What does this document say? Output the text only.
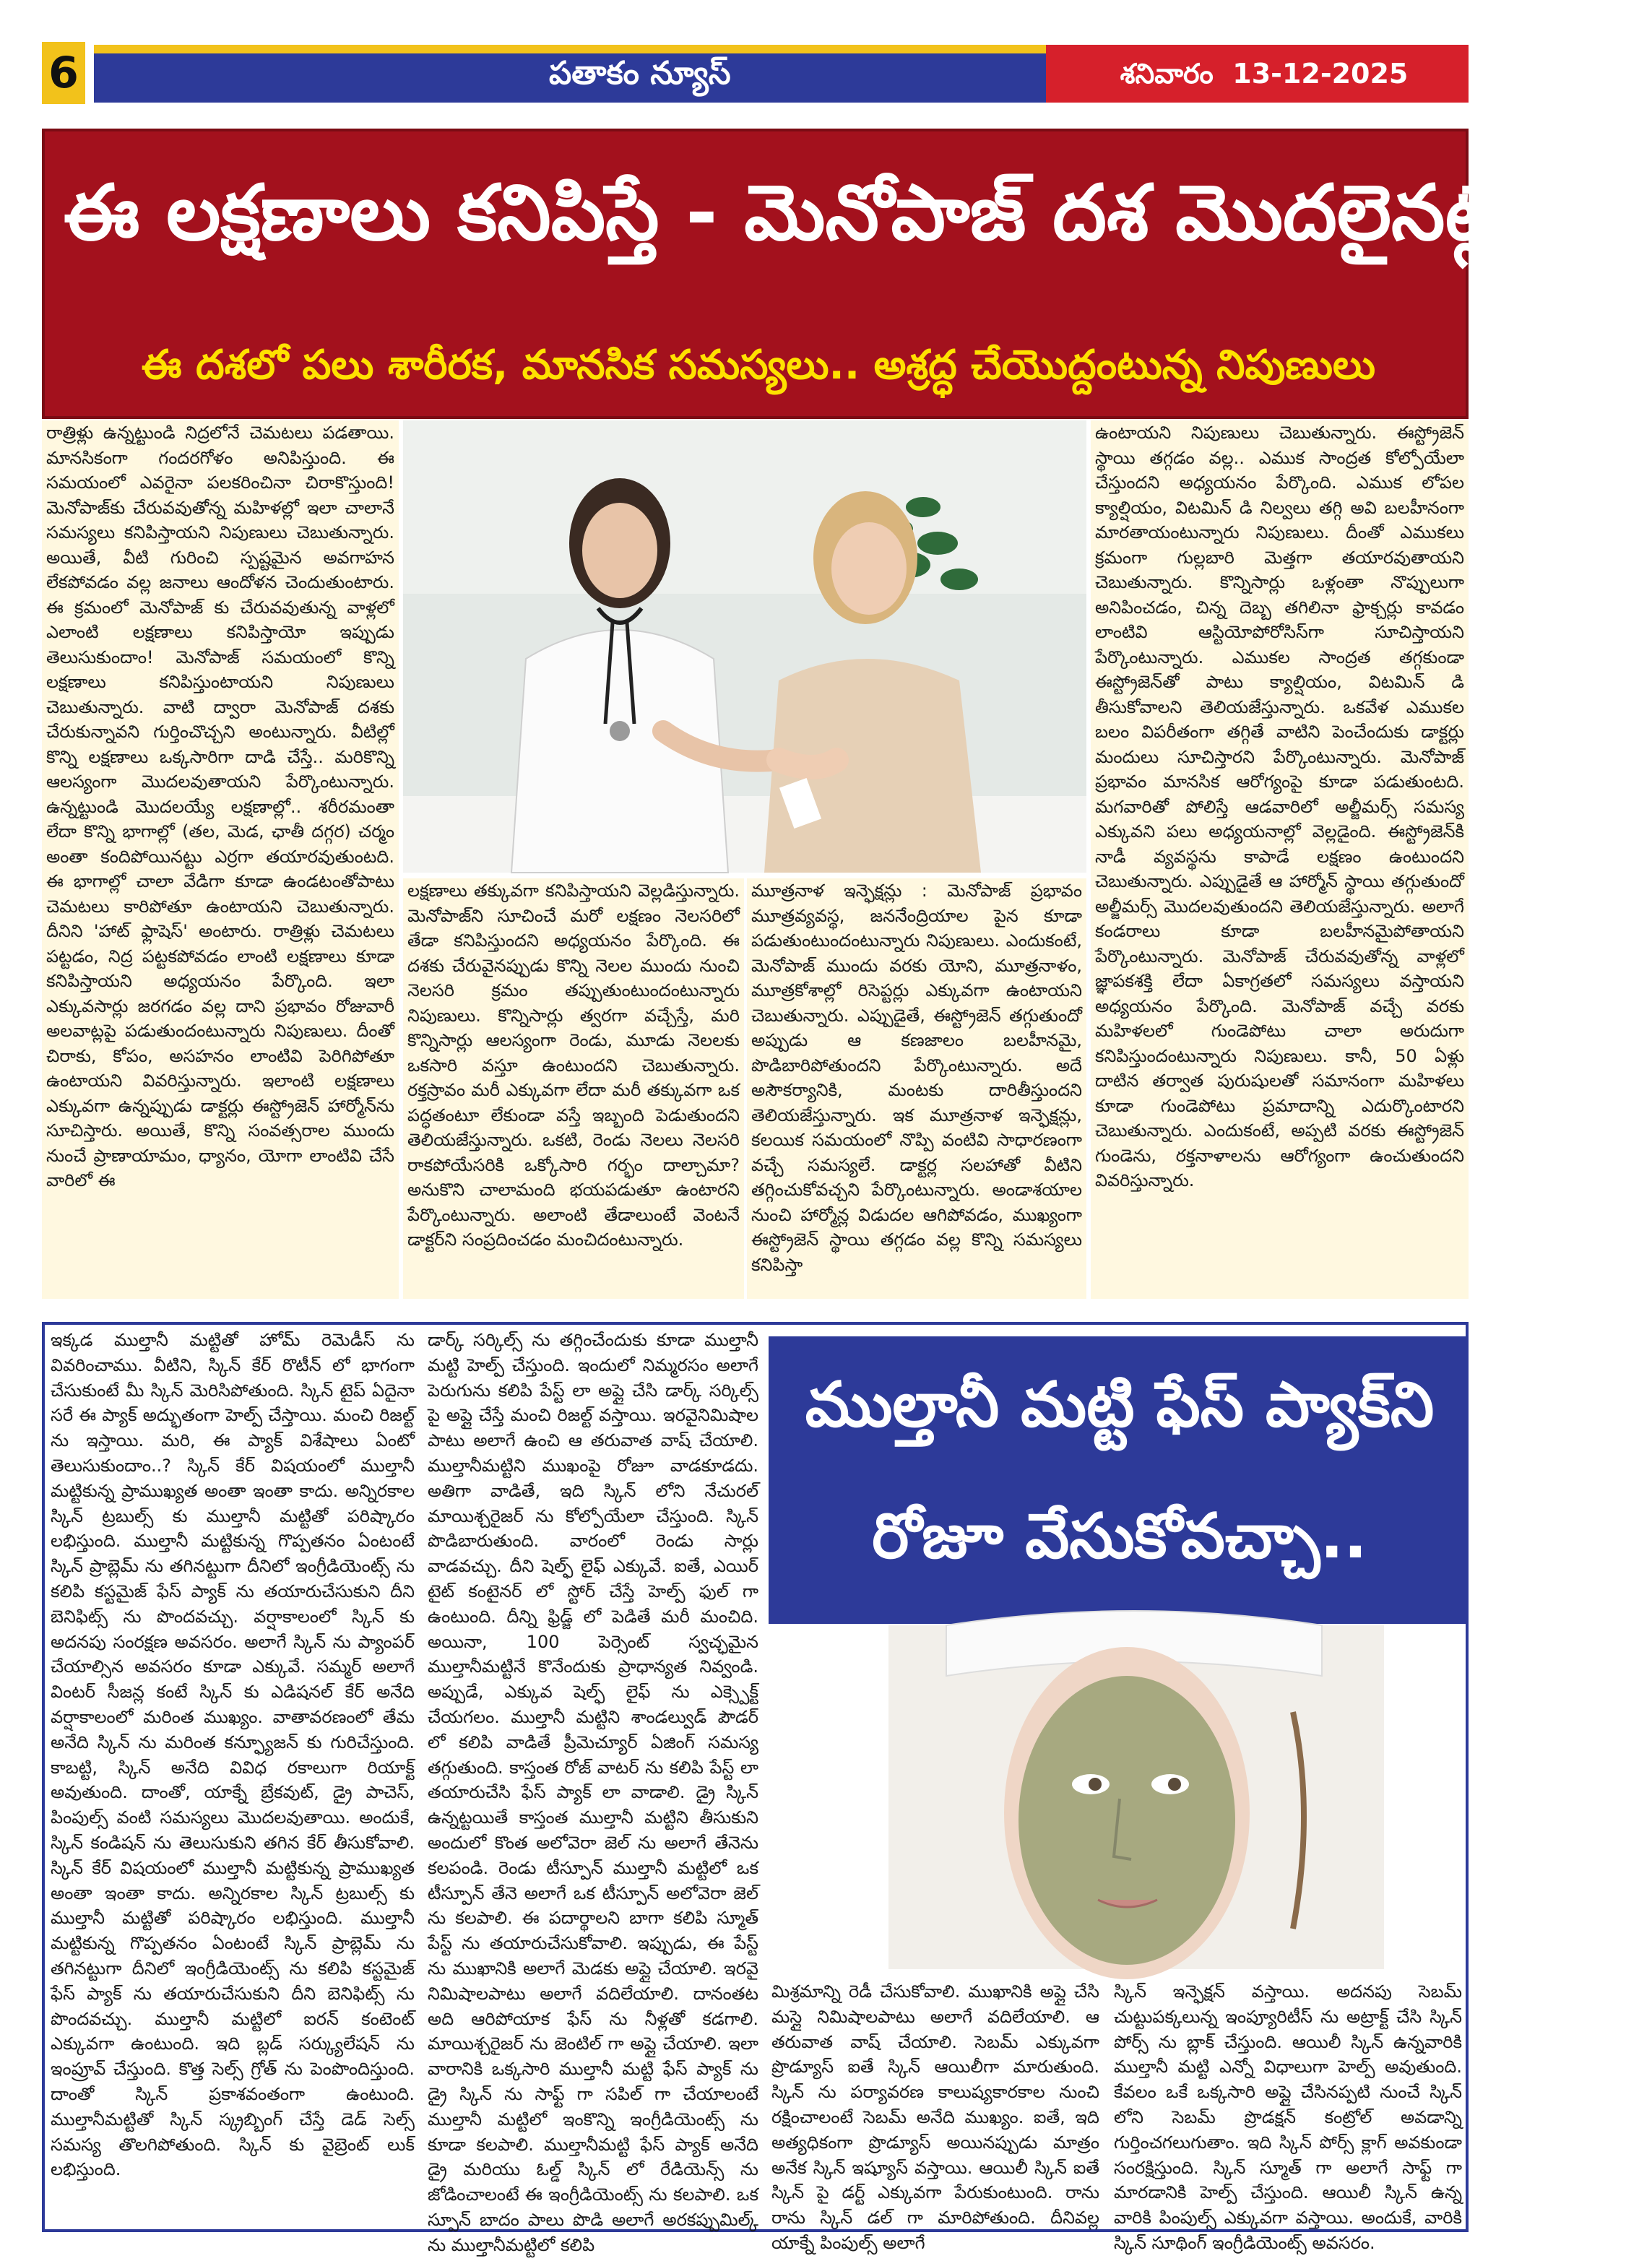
6	పతాకం న్యూస్	శనివారం 13-12-2025
ఈ లక్షణాలు కనిపిస్తే - మెనోపాజ్ దశ మొదలైనట్లేనట!
ఈ దశలో పలు శారీరక, మానసిక సమస్యలు.. అశ్రద్ధ చేయొద్దంటున్న నిపుణులు

రాత్రిళ్లు ఉన్నట్టుండి నిద్రలోనే చెమటలు పడతాయి. మానసికంగా గందరగోళం అనిపిస్తుంది. ఈ సమయంలో ఎవరైనా పలకరించినా చిరాకొస్తుంది! మెనోపాజ్‌కు చేరువవుతోన్న మహిళల్లో ఇలా చాలానే సమస్యలు కనిపిస్తాయని నిపుణులు చెబుతున్నారు. అయితే, వీటి గురించి స్పష్టమైన అవగాహన లేకపోవడం వల్ల జనాలు ఆందోళన చెందుతుంటారు. ఈ క్రమంలో మెనోపాజ్ కు చేరువవుతున్న వాళ్లలో ఎలాంటి లక్షణాలు కనిపిస్తాయో ఇప్పుడు తెలుసుకుందాం! మెనోపాజ్ సమయంలో కొన్ని లక్షణాలు కనిపిస్తుంటాయని నిపుణులు చెబుతున్నారు. వాటి ద్వారా మెనోపాజ్ దశకు చేరుకున్నావని గుర్తించొచ్చని అంటున్నారు. వీటిల్లో కొన్ని లక్షణాలు ఒక్కసారిగా దాడి చేస్తే.. మరికొన్ని ఆలస్యంగా మొదలవుతాయని పేర్కొంటున్నారు. ఉన్నట్టుండి మొదలయ్యే లక్షణాల్లో.. శరీరమంతా లేదా కొన్ని భాగాల్లో (తల, మెడ, ఛాతీ దగ్గర) చర్మం అంతా కందిపోయినట్టు ఎర్రగా తయారవుతుంటది. ఈ భాగాల్లో చాలా వేడిగా కూడా ఉండటంతోపాటు చెమటలు కారిపోతూ ఉంటాయని చెబుతున్నారు. దీనిని 'హాట్ ఫ్లాషెస్' అంటారు. రాత్రిళ్లు చెమటలు పట్టడం, నిద్ర పట్టకపోవడం లాంటి లక్షణాలు కూడా కనిపిస్తాయని అధ్యయనం పేర్కొంది. ఇలా ఎక్కువసార్లు జరగడం వల్ల దాని ప్రభావం రోజువారీ అలవాట్లపై పడుతుందంటున్నారు నిపుణులు. దీంతో చిరాకు, కోపం, అసహనం లాంటివి పెరిగిపోతూ ఉంటాయని వివరిస్తున్నారు. ఇలాంటి లక్షణాలు ఎక్కువగా ఉన్నప్పుడు డాక్టర్లు ఈస్ట్రోజెన్ హార్మోన్‌ను సూచిస్తారు. అయితే, కొన్ని సంవత్సరాల ముందు నుంచే ప్రాణాయామం, ధ్యానం, యోగా లాంటివి చేసే వారిలో ఈ

లక్షణాలు తక్కువగా కనిపిస్తాయని వెల్లడిస్తున్నారు. మెనోపాజ్‌ని సూచించే మరో లక్షణం నెలసరిలో తేడా కనిపిస్తుందని అధ్యయనం పేర్కొంది. ఈ దశకు చేరువైనప్పుడు కొన్ని నెలల ముందు నుంచి నెలసరి క్రమం తప్పుతుంటుందంటున్నారు నిపుణులు. కొన్నిసార్లు త్వరగా వచ్చేస్తే, మరి కొన్నిసార్లు ఆలస్యంగా రెండు, మూడు నెలలకు ఒకసారి వస్తూ ఉంటుందని చెబుతున్నారు. రక్తస్రావం మరీ ఎక్కువగా లేదా మరీ తక్కువగా ఒక పద్ధతంటూ లేకుండా వస్తే ఇబ్బంది పెడుతుందని తెలియజేస్తున్నారు. ఒకటి, రెండు నెలలు నెలసరి రాకపోయేసరికి ఒక్కోసారి గర్భం దాల్చామా? అనుకొని చాలామంది భయపడుతూ ఉంటారని పేర్కొంటున్నారు. అలాంటి తేడాలుంటే వెంటనే డాక్టర్‌ని సంప్రదించడం మంచిదంటున్నారు.

మూత్రనాళ ఇన్ఫెక్షన్లు : మెనోపాజ్ ప్రభావం మూత్రవ్యవస్థ, జననేంద్రియాల పైన కూడా పడుతుంటుందంటున్నారు నిపుణులు. ఎందుకంటే, మెనోపాజ్ ముందు వరకు యోని, మూత్రనాళం, మూత్రకోశాల్లో రిసెప్టర్లు ఎక్కువగా ఉంటాయని చెబుతున్నారు. ఎప్పుడైతే, ఈస్ట్రోజెన్ తగ్గుతుందో అప్పుడు ఆ కణజాలం బలహీనమై, పొడిబారిపోతుందని పేర్కొంటున్నారు. అదే అసౌకర్యానికి, మంటకు దారితీస్తుందని తెలియజేస్తున్నారు. ఇక మూత్రనాళ ఇన్ఫెక్షన్లు, కలయిక సమయంలో నొప్పి వంటివి సాధారణంగా వచ్చే సమస్యలే. డాక్టర్ల సలహాతో వీటిని తగ్గించుకోవచ్చని పేర్కొంటున్నారు. అండాశయాల నుంచి హార్మోన్ల విడుదల ఆగిపోవడం, ముఖ్యంగా ఈస్ట్రోజెన్ స్థాయి తగ్గడం వల్ల కొన్ని సమస్యలు కనిపిస్తా

ఉంటాయని నిపుణులు చెబుతున్నారు. ఈస్ట్రోజెన్ స్థాయి తగ్గడం వల్ల.. ఎముక సాంద్రత కోల్పోయేలా చేస్తుందని అధ్యయనం పేర్కొంది. ఎముక లోపల క్యాల్షియం, విటమిన్ డి నిల్వలు తగ్గి అవి బలహీనంగా మారతాయంటున్నారు నిపుణులు. దీంతో ఎముకలు క్రమంగా గుల్లబారి మెత్తగా తయారవుతాయని చెబుతున్నారు. కొన్నిసార్లు ఒళ్లంతా నొప్పులుగా అనిపించడం, చిన్న దెబ్బ తగిలినా ఫ్రాక్చర్లు కావడం లాంటివి ఆస్టియోపోరోసిస్‌గా సూచిస్తాయని పేర్కొంటున్నారు. ఎముకల సాంద్రత తగ్గకుండా ఈస్ట్రోజెన్‌తో పాటు క్యాల్షియం, విటమిన్ డి తీసుకోవాలని తెలియజేస్తున్నారు. ఒకవేళ ఎముకల బలం విపరీతంగా తగ్గితే వాటిని పెంచేందుకు డాక్టర్లు మందులు సూచిస్తారని పేర్కొంటున్నారు. మెనోపాజ్ ప్రభావం మానసిక ఆరోగ్యంపై కూడా పడుతుంటది. మగవారితో పోలిస్తే ఆడవారిలో అల్జీమర్స్ సమస్య ఎక్కువని పలు అధ్యయనాల్లో వెల్లడైంది. ఈస్ట్రోజెన్‌కి నాడీ వ్యవస్థను కాపాడే లక్షణం ఉంటుందని చెబుతున్నారు. ఎప్పుడైతే ఆ హార్మోన్ స్థాయి తగ్గుతుందో అల్జీమర్స్ మొదలవుతుందని తెలియజేస్తున్నారు. అలాగే కండరాలు కూడా బలహీనమైపోతాయని పేర్కొంటున్నారు. మెనోపాజ్ చేరువవుతోన్న వాళ్లలో జ్ఞాపకశక్తి లేదా ఏకాగ్రతలో సమస్యలు వస్తాయని అధ్యయనం పేర్కొంది. మెనోపాజ్ వచ్చే వరకు మహిళలలో గుండెపోటు చాలా అరుదుగా కనిపిస్తుందంటున్నారు నిపుణులు. కానీ, 50 ఏళ్లు దాటిన తర్వాత పురుషులతో సమానంగా మహిళలు కూడా గుండెపోటు ప్రమాదాన్ని ఎదుర్కొంటారని చెబుతున్నారు. ఎందుకంటే, అప్పటి వరకు ఈస్ట్రోజెన్ గుండెను, రక్తనాళాలను ఆరోగ్యంగా ఉంచుతుందని వివరిస్తున్నారు.

ఇక్కడ ముల్తానీ మట్టితో హోమ్ రెమెడీస్ ను వివరించాము. వీటిని, స్కిన్ కేర్ రొటీన్ లో భాగంగా చేసుకుంటే మీ స్కిన్ మెరిసిపోతుంది. స్కిన్ టైప్ ఏదైనా సరే ఈ ప్యాక్ అద్భుతంగా హెల్ప్ చేస్తాయి. మంచి రిజల్ట్ ను ఇస్తాయి. మరి, ఈ ప్యాక్ విశేషాలు ఏంటో తెలుసుకుందాం..? స్కిన్ కేర్ విషయంలో ముల్తానీ మట్టికున్న ప్రాముఖ్యత అంతా ఇంతా కాదు. అన్నిరకాల స్కిన్ ట్రబుల్స్ కు ముల్తానీ మట్టితో పరిష్కారం లభిస్తుంది. ముల్తానీ మట్టికున్న గొప్పతనం ఏంటంటే స్కిన్ ప్రాబ్లెమ్ ను తగినట్టుగా దీనిలో ఇంగ్రీడియెంట్స్ ను కలిపి కస్టమైజ్ ఫేస్ ప్యాక్ ను తయారుచేసుకుని దీని బెనిఫిట్స్ ను పొందవచ్చు. వర్షాకాలంలో స్కిన్ కు అదనపు సంరక్షణ అవసరం. అలాగే స్కిన్ ను ప్యాంపర్ చేయాల్సిన అవసరం కూడా ఎక్కువే. సమ్మర్ అలాగే వింటర్ సీజన్ల కంటే స్కిన్ కు ఎడిషనల్ కేర్ అనేది వర్షాకాలంలో మరింత ముఖ్యం. వాతావరణంలో తేమ అనేది స్కిన్ ను మరింత కన్ఫ్యూజన్ కు గురిచేస్తుంది. కాబట్టి, స్కిన్ అనేది వివిధ రకాలుగా రియాక్ట్ అవుతుంది. దాంతో, యాక్నే బ్రేకవుట్, డ్రై పాచెస్, పింపుల్స్ వంటి సమస్యలు మొదలవుతాయి. అందుకే, స్కిన్ కండిషన్ ను తెలుసుకుని తగిన కేర్ తీసుకోవాలి. స్కిన్ కేర్ విషయంలో ముల్తానీ మట్టికున్న ప్రాముఖ్యత అంతా ఇంతా కాదు. అన్నిరకాల స్కిన్ ట్రబుల్స్ కు ముల్తానీ మట్టితో పరిష్కారం లభిస్తుంది. ముల్తానీ మట్టికున్న గొప్పతనం ఏంటంటే స్కిన్ ప్రాబ్లెమ్ ను తగినట్టుగా దీనిలో ఇంగ్రీడియెంట్స్ ను కలిపి కస్టమైజ్ ఫేస్ ప్యాక్ ను తయారుచేసుకుని దీని బెనిఫిట్స్ ను పొందవచ్చు. ముల్తానీ మట్టిలో ఐరన్ కంటెంట్ ఎక్కువగా ఉంటుంది. ఇది బ్లడ్ సర్క్యులేషన్ ను ఇంప్రూవ్ చేస్తుంది. కొత్త సెల్స్ గ్రోత్ ను పెంపొందిస్తుంది. దాంతో స్కిన్ ప్రకాశవంతంగా ఉంటుంది. ముల్తానీమట్టితో స్కిన్ స్క్రబ్బింగ్ చేస్తే డెడ్ సెల్స్ సమస్య తొలగిపోతుంది. స్కిన్ కు వైబ్రెంట్ లుక్ లభిస్తుంది.

డార్క్ సర్కిల్స్ ను తగ్గించేందుకు కూడా ముల్తానీ మట్టి హెల్ప్ చేస్తుంది. ఇందులో నిమ్మరసం అలాగే పెరుగును కలిపి పేస్ట్ లా అప్లై చేసి డార్క్ సర్కిల్స్ పై అప్లై చేస్తే మంచి రిజల్ట్ వస్తాయి. ఇరవైనిమిషాల పాటు అలాగే ఉంచి ఆ తరువాత వాష్ చేయాలి. ముల్తానీమట్టిని ముఖంపై రోజూ వాడకూడదు. అతిగా వాడితే, ఇది స్కిన్ లోని నేచురల్ మాయిశ్చరైజర్ ను కోల్పోయేలా చేస్తుంది. స్కిన్ పొడిబారుతుంది. వారంలో రెండు సార్లు వాడవచ్చు. దీని షెల్ఫ్ లైఫ్ ఎక్కువే. ఐతే, ఎయిర్ టైట్ కంటైనర్ లో స్టోర్ చేస్తే హెల్ప్ ఫుల్ గా ఉంటుంది. దీన్ని ఫ్రిడ్జ్ లో పెడితే మరీ మంచిది. అయినా, 100 పెర్సెంట్ స్వచ్ఛమైన ముల్తానీమట్టినే కొనేందుకు ప్రాధాన్యత నివ్వండి. అప్పుడే, ఎక్కువ షెల్ఫ్ లైఫ్ ను ఎక్స్పెక్ట్ చేయగలం. ముల్తానీ మట్టిని శాండల్వుడ్ పౌడర్ లో కలిపి వాడితే ప్రీమెచ్యూర్ ఏజింగ్ సమస్య తగ్గుతుంది. కాస్తంత రోజ్ వాటర్ ను కలిపి పేస్ట్ లా తయారుచేసి ఫేస్ ప్యాక్ లా వాడాలి. డ్రై స్కిన్ ఉన్నట్టయితే కాస్తంత ముల్తానీ మట్టిని తీసుకుని అందులో కొంత అలోవెరా జెల్ ను అలాగే తేనెను కలపండి. రెండు టీస్పూన్ ముల్తానీ మట్టిలో ఒక టీస్పూన్ తేనె అలాగే ఒక టీస్పూన్ అలోవెరా జెల్ ను కలపాలి. ఈ పదార్థాలని బాగా కలిపి స్మూత్ పేస్ట్ ను తయారుచేసుకోవాలి. ఇప్పుడు, ఈ పేస్ట్ ను ముఖానికి అలాగే మెడకు అప్లై చేయాలి. ఇరవై నిమిషాలపాటు అలాగే వదిలేయాలి. దానంతట అది ఆరిపోయాక ఫేస్ ను నీళ్లతో కడగాలి. మాయిశ్చరైజర్ ను జెంటిల్ గా అప్లై చేయాలి. ఇలా వారానికి ఒక్కసారి ముల్తానీ మట్టి ఫేస్ ప్యాక్ ను డ్రై స్కిన్ ను సాఫ్ట్ గా సపిల్ గా చేయాలంటే ముల్తానీ మట్టిలో ఇంకొన్ని ఇంగ్రీడియెంట్స్ ను కూడా కలపాలి. ముల్తానీమట్టి ఫేస్ ప్యాక్ అనేది డ్రై మరియు ఓల్డ్ స్కిన్ లో రేడియెన్స్ ను జోడించాలంటే ఈ ఇంగ్రీడియెంట్స్ ను కలపాలి. ఒక స్పూన్ బాదం పాలు పొడి అలాగే అరకప్పుమిల్క్ ను ముల్తానీమట్టిలో కలిపి

ముల్తానీ మట్టి ఫేస్ ప్యాక్‌ని
రోజూ వేసుకోవచ్చా..

మిశ్రమాన్ని రెడీ చేసుకోవాలి. ముఖానికి అప్లై చేసి మస్లై నిమిషాలపాటు అలాగే వదిలేయాలి. ఆ తరువాత వాష్ చేయాలి. సెబమ్ ఎక్కువగా ప్రొడ్యూస్ ఐతే స్కిన్ ఆయిలీగా మారుతుంది. స్కిన్ ను పర్యావరణ కాలుష్యకారకాల నుంచి రక్షించాలంటే సెబమ్ అనేది ముఖ్యం. ఐతే, ఇది అత్యధికంగా ప్రొడ్యూస్ అయినప్పుడు మాత్రం అనేక స్కిన్ ఇష్యూస్ వస్తాయి. ఆయిలీ స్కిన్ ఐతే స్కిన్ పై డర్ట్ ఎక్కువగా పేరుకుంటుంది. రాను రాను స్కిన్ డల్ గా మారిపోతుంది. దీనివల్ల యాక్నే పింపుల్స్ అలాగే

స్కిన్ ఇన్ఫెక్షన్ వస్తాయి. అదనపు సెబమ్ చుట్టుపక్కలున్న ఇంప్యూరిటీస్ ను అట్రాక్ట్ చేసి స్కిన్ పోర్స్ ను బ్లాక్ చేస్తుంది. ఆయిలీ స్కిన్ ఉన్నవారికి ముల్తానీ మట్టి ఎన్నో విధాలుగా హెల్ప్ అవుతుంది. కేవలం ఒకే ఒక్కసారి అప్లై చేసినప్పటి నుంచే స్కిన్ లోని సెబమ్ ప్రొడక్షన్ కంట్రోల్ అవడాన్ని గుర్తించగలుగుతాం. ఇది స్కిన్ పోర్స్ క్లాగ్ అవకుండా సంరక్షిస్తుంది. స్కిన్ స్మూత్ గా అలాగే సాఫ్ట్ గా మారడానికి హెల్ప్ చేస్తుంది. ఆయిలీ స్కిన్ ఉన్న వారికి పింపుల్స్ ఎక్కువగా వస్తాయి. అందుకే, వారికి స్కిన్ సూథింగ్ ఇంగ్రీడియెంట్స్ అవసరం.
